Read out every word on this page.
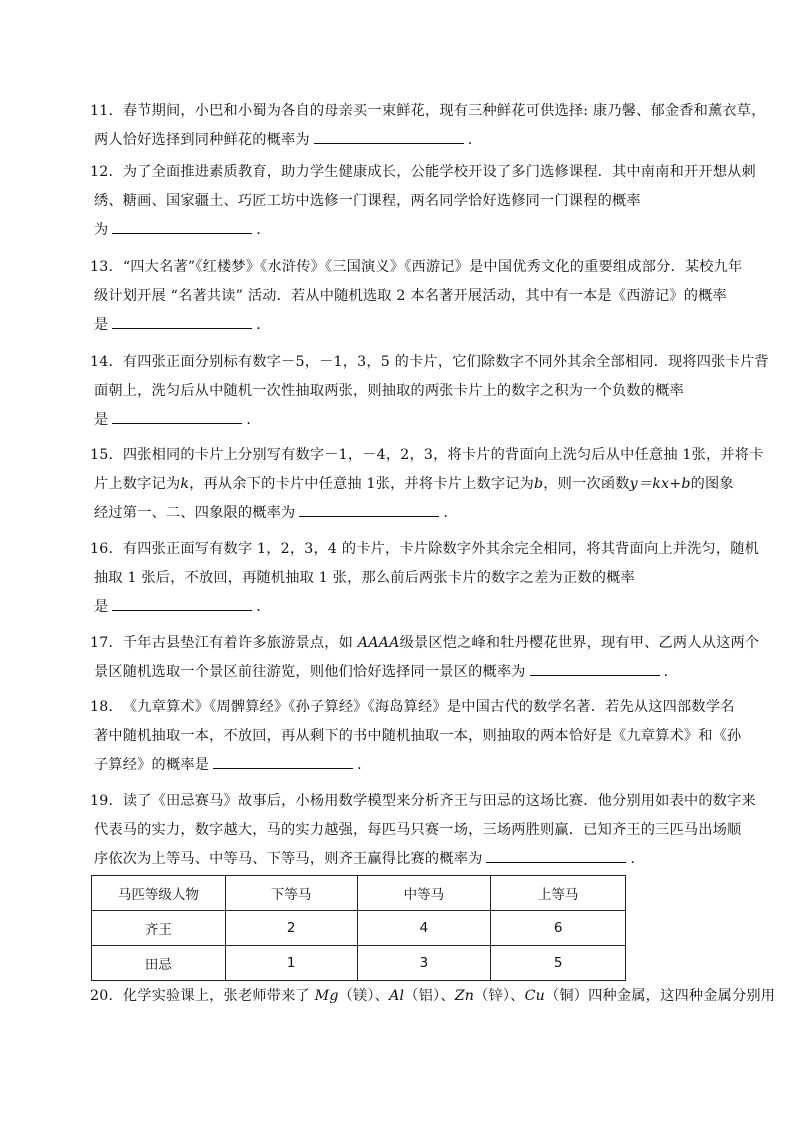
11．春节期间，小巴和小蜀为各自的母亲买一束鲜花，现有三种鲜花可供选择: 康乃馨、郁金香和薰衣草，
两人恰好选择到同种鲜花的概率为	．
12．为了全面推进素质教育，助力学生健康成长，公能学校开设了多门选修课程．其中南南和开开想从刺
绣、糖画、国家疆土、巧匠工坊中选修一门课程，两名同学恰好选修同一门课程的概率
为	．
13．“四大名著”《红楼梦》《水浒传》《三国演义》《西游记》是中国优秀文化的重要组成部分．某校九年
级计划开展 “名著共读” 活动．若从中随机选取 2 本名著开展活动，其中有一本是《西游记》的概率
是	．
14．有四张正面分别标有数字－5，－1，3，5 的卡片，它们除数字不同外其余全部相同．现将四张卡片背
面朝上，洗匀后从中随机一次性抽取两张，则抽取的两张卡片上的数字之积为一个负数的概率
是	．
15．四张相同的卡片上分别写有数字－1，－4，2，3，将卡片的背面向上洗匀后从中任意抽 1张，并将卡
片上数字记为k，再从余下的卡片中任意抽 1张，并将卡片上数字记为b，则一次函数y＝kx+b的图象
经过第一、二、四象限的概率为	．
16．有四张正面写有数字 1，2，3，4 的卡片，卡片除数字外其余完全相同，将其背面向上并洗匀，随机
抽取 1 张后，不放回，再随机抽取 1 张，那么前后两张卡片的数字之差为正数的概率
是	．
17．千年古县垫江有着许多旅游景点，如 AAAA级景区恺之峰和牡丹樱花世界，现有甲、乙两人从这两个
景区随机选取一个景区前往游览，则他们恰好选择同一景区的概率为	．
18．《九章算术》《周髀算经》《孙子算经》《海岛算经》是中国古代的数学名著．若先从这四部数学名
著中随机抽取一本，不放回，再从剩下的书中随机抽取一本，则抽取的两本恰好是《九章算术》和《孙
子算经》的概率是	．
19．读了《田忌赛马》故事后，小杨用数学模型来分析齐王与田忌的这场比赛．他分别用如表中的数字来
代表马的实力，数字越大，马的实力越强，每匹马只赛一场，三场两胜则赢．已知齐王的三匹马出场顺
序依次为上等马、中等马、下等马，则齐王赢得比赛的概率为	．
马匹等级人物	下等马	中等马	上等马
齐王	2	4	6
田忌	1	3	5
20．化学实验课上，张老师带来了 Mg（镁）、Al（铝）、Zn（锌）、Cu（铜）四种金属，这四种金属分别用
